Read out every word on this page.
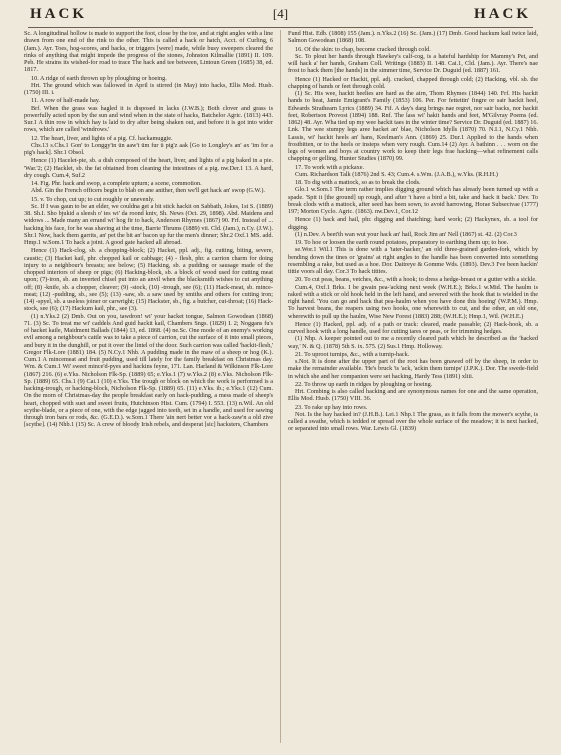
HACK	[4]	HACK

Sc. A longitudinal hollow is made to support the foot, close by the toe, and at right angles with a line drawn from one end of the rink to the other. This is called a hack or hatch, Acct. of Curling, 6 (Jam.). Ayr. Toes, hog-scores, and hacks, or triggers [were] made, while busy sweepers cleared the rinks of anything that might impede the progress of the stones, Johnston Kilmallie (1891) II. 109. Peb. He strains its wished-for road to trace The hack and tee between, Lintoun Green (1685) 38, ed. 1817.

10. A ridge of earth thrown up by ploughing or hoeing.

Hrt. The ground which was fallowed in April is stirred (in May) into hacks, Ellis Mod. Husb. (1750) III. i.

11. A row of half-made hay.

Brf. When the grass was hagled it is disposed in lacks (J.W.B.); Both clover and grass is powerfully acted upon by the sun and wind when in the state of hacks, Batchelor Agric. (1813) 443. Sur.1 A thin row in which hay is laid to dry after being shaken out, and before it is got into wider rows, which are called 'windrows.'

12. The heart, liver, and lights of a pig. Cf. hackamuggie.

Chs.13 s.Chs.1 Gon' to Longgy'in ün aaw't üm fur ü pig'z aak [Go to Longley's an' ax 'im for a pig's hack]. Shr.1 Obsol.

Hence (1) Hacelet-pie, sb. a dish composed of the heart, liver, and lights of a pig baked in a pie. 'War.'2; (2) Hacklet, sb. the fat obtained from cleaning the intestines of a pig. nw.Der.1 13. A hard, dry cough. Cum.4, Suf.2

14. Fig. Phr. hack and swop, a complete upturn; a scene, commotion.

Abd. Gin the French officers begin to blab on ane anither, then we'll get hack an' swop (G.W.).

15. v. To chop, cut up; to cut roughly or unevenly.

Sc. If I was gaun to be an elder, we couldna get a bit stick hackit on Sabbath, Jokes, 1st S. (1889) 38. Sh.I. Sho bjukid a sleesh o' tes wi' da roond kniv, Sh. News (Oct. 29, 1898). Abd. Maidens and widows ... Made many an errand wi' hog fir to hack, Anderson Rhymes (1867) 90. Frf. Instead of ... hacking his face, for he was shaving at the time, Barrie Thrums (1889) vii. Cld. (Jam.), n.Cy. (J.W.). Shr.1 Now, hack them garrits, an' pet the bit an' bacon up fur the men's dinner; Shr.2 Oxf.1 MS. add. Hmp.1 w.Som.1 To hack a joint. A good gate hacked all abroad.

Hence (1) Hack-clog, sb. a chopping-block; (2) Hacket, ppl. adj., fig. cutting, biting, severe, caustic; (3) Hacket kail, phr. chopped kail or cabbage; (4) - flesh, phr. a carrion charm for doing injury to a neighbour's breasts; see below; (5) Hacking, sb. a pudding or sausage made of the chopped interiors of sheep or pigs; (6) Hacking-block, sb. a block of wood used for cutting meat upon; (7)-iron, sb. an inverted chisel put into an anvil when the blacksmith wishes to cut anything off; (8) -knife, sb. a chopper, cleaver; (9) -stock, (10) -trough, see (6); (11) Hack-meat, sb. mince-meat; (12) -pudding, sb., see (5); (13) -saw, sb. a saw used by smiths and others for cutting iron; (14) -spyel, sb. a useless joiner or carwright; (15) Hackster, sb., fig. a butcher, cut-throat; (16) Hack-stock, see (6); (17) Hackum kail, phr., see (3).

(1) n.Yks.2 (2) Dmb. Out on you, tawdron! wi' your hacket tongue, Salmon Gowodean (1868) 71. (3) Sc. To treat me wi' caddels And guid hackit kail, Chambers Sngs. (1829) I. 2; Noggans fu's of hacket kaile, Maidment Ballads (1844) 13, ed. 1868. (4) ne.Sc. One mode of an enemy's working evil among a neighbour's cattle was to take a piece of carrion, cut the surface of it into small pieces, and bury it in the dunghill, or put it over the lintel of the door. Such carrion was called 'hackit-flesh,' Gregor Flk-Lore (1881) 184. (5) N.Cy.1 Nhb. A pudding made in the maw of a sheep or hog (K.). Cum.1 A mincemeat and fruit pudding, used till lately for the family breakfast on Christmas day. Wm. & Cum.1 Wi' sweet mince'd-pyes and hackins feyne, 171. Lan. Harland & Wilkinson Flk-Lore (1867) 216. (6) e.Yks. Nicholson Flk-Sp. (1889) 65; e.Yks.1 (7) w.Yks.2 (8) e.Yks. Nicholson Flk-Sp. (1889) 65. Chs.1 (9) Cai.1 (10) e.Yks. The trough or block on which the work is performed is a hacking-trough, or hacking-block, Nicholson Flk-Sp. (1889) 65. (11) e.Yks. ib.; e.Yks.1 (12) Cum. On the morn of Christmas-day the people breakfast early on hack-pudding, a mess made of sheep's heart, chopped with suet and sweet fruits, Hutchinson Hist. Cum. (1794) I. 553. (13) n.Wil. An old scythe-blade, or a piece of one, with the edge jagged into teeth, set in a handle, and used for sawing through iron bars or rods, &c. (G.E.D.). w.Som.1 There 'ain nert better vor a hack-zaw'n a old zive [scythe]. (14) Nhb.1 (15) Sc. A crew of bloody Irish rebels, and desperat [sic] hacksters, Chambers

Fund Hist. Edb. (1808) 155 (Jam.). n.Yks.2 (16) Sc. (Jam.) (17) Dmb. Good hackum kail twice laid, Salmon Gowodean (1868) 108.

16. Of the skin: to chap, become cracked through cold.

Sc. To plout her hands through Hawkey's calf-cog, is a hateful hardship for Mammy's Pet, and will hack a' her hands, Graham Coll. Writings (1883) II. 148. Cai.1, Cld. (Jam.). Ayr. There's nae frost to hack them [the hands] in the simmer time, Service Dr. Duguid (ed. 1887) 161.

Hence (1) Hacked or Hackit, ppl. adj. cracked, chapped through cold; (2) Hacking, vbl. sb. the chapping of hands or feet through cold.

(1) Sc. His wee, hackit heelies are hard as the airn, Thom Rhymes (1844) 140. Frf. His hackit hands to heat, Jamie Emigrant's Family (1853) 106. Per. For fettettin' fingre or sair hackit heel, Edwards Strathearn Lyrics (1889) 34. Fif. A day's darg brings nae regret, nor sair backs, nor hackit feet, Robertson Provost (1894) 188. Rnf. The lass wi' hakit hands and feet, M'Gilvray Poems (ed. 1862) 48. Ayr. Wha tied up my wee hackit taes in the winter time? Service Dr. Duguid (ed. 1887) 16. Lnk. The wee stumpy legs aree hacket an' blae, Nicholson Idylls (1870) 70. N.I.1, N.Cy.1 Nhb. Lassis, wi' hackit heels an' hans, Keelman's Ann. (1869) 25. Dur.1 Applied to the hands when frostbitten, or to the heels or insteps when very rough. Cum.14 (2) Ayr. A bathinn . . . worn on the legs of women and boys at country work to keep their legs frae hacking—what refinement calls chapping or gelling, Hunter Studies (1870) 99.

17. To work with a pickaxe.

Cum. Richardson Talk (1876) 2nd S. 43; Cum.4. s.Wm. (J.A.B.), w.Yks. (R.H.H.)

18. To dig with a mattock, so as to break the clods.

Glo.1 w.Som.1 The term rather implies digging ground which has already been turned up with a spade. 'Spit it [the ground] up rough, and after 't have a bird a bit, take and hack it back.' Dev. To break clods with a mattock, after seed has been sown, to avoid harrowing, Horae Subsecivae (1777) 197; Morton Cyclo. Agric. (1863). nw.Dev.1, Cor.12

Hence (1) hack and hail, phr. digging and thatching; hard work; (2) Hackynex, sb. a tool for digging.

(1) n.Dev. A beet'th wan wut your hack an' hail, Rock Jim an' Nell (1867) st. 42. (2) Cor.3

19. To hoe or loosen the earth round potatoes, preparatory to earthing them up; to hoe.

se.Wor.1 Wil.1 This is done with a 'tater-hacker,' an old three-grained garden-fork, which by bending down the tines or 'grains' at right angles to the handle has been converted into something resembling a rake, but used as a hoe. Dor. Daitreye & Gomme Wds. (1893). Dev.3 I've been hackin' tittie voors all day. Cor.3 To hack titties.

20. To cut peas, beans, vetches, &c., with a hook; to dress a hedge-breast or a gutter with a sickle.

Cum.4, Oxf.1 Brks. I be gwain pea-'acking next week (W.H.E.); Brks.1 w.Mid. The haulm is raked with a stick or old hook held in the left hand, and severed with the hook that is wielded in the right hand. 'You can go and hack that pea-haulm when you have done this hoeing' (W.P.M.). Hmp. To harvest beans, the reapers using two hooks, one wherewith to cut, and the other, an old one, wherewith to pull up the haulm, Wise New Forest (1883) 288; (W.H.E.); Hmp.1, Wil. (W.H.E.)

Hence (1) Hacked, ppl. adj. of a path or track: cleared, made passable; (2) Hack-hook, sb. a curved hook with a long handle, used for cutting tares or peas, or for trimming hedges.

(1) Nhp. A keeper pointed out to me a recently cleared path which he described as the 'hacked way,' N. & Q. (1878) 5th S. ix. 575. (2) Sus.1 Hmp. Holloway.

21. To uproot turnips, &c., with a turnip-hack.

s.Not. It is done after the upper part of the root has been gnawed off by the sheep, in order to make the remainder available. 'He's bruck 'is 'ack, 'ackin them turnips' (J.P.K.). Dor. The swede-field in which she and her companion were set hacking, Hardy Tess (1891) xliii.

22. To throw up earth in ridges by ploughing or hoeing.

Hrt. Combing is also called hacking and are synonymous names for one and the same operation, Ellis Mod. Husb. (1750) VIII. 36.

23. To rake up hay into rows.

Not. Is the hay hacked in? (J.H.B.). Lei.1 Nhp.1 The grass, as it falls from the mower's scythe, is called a swathe, which is tedded or spread over the whole surface of the meadow; it is next hacked, or separated into small rows. War. Lewis Gl. (1839)
